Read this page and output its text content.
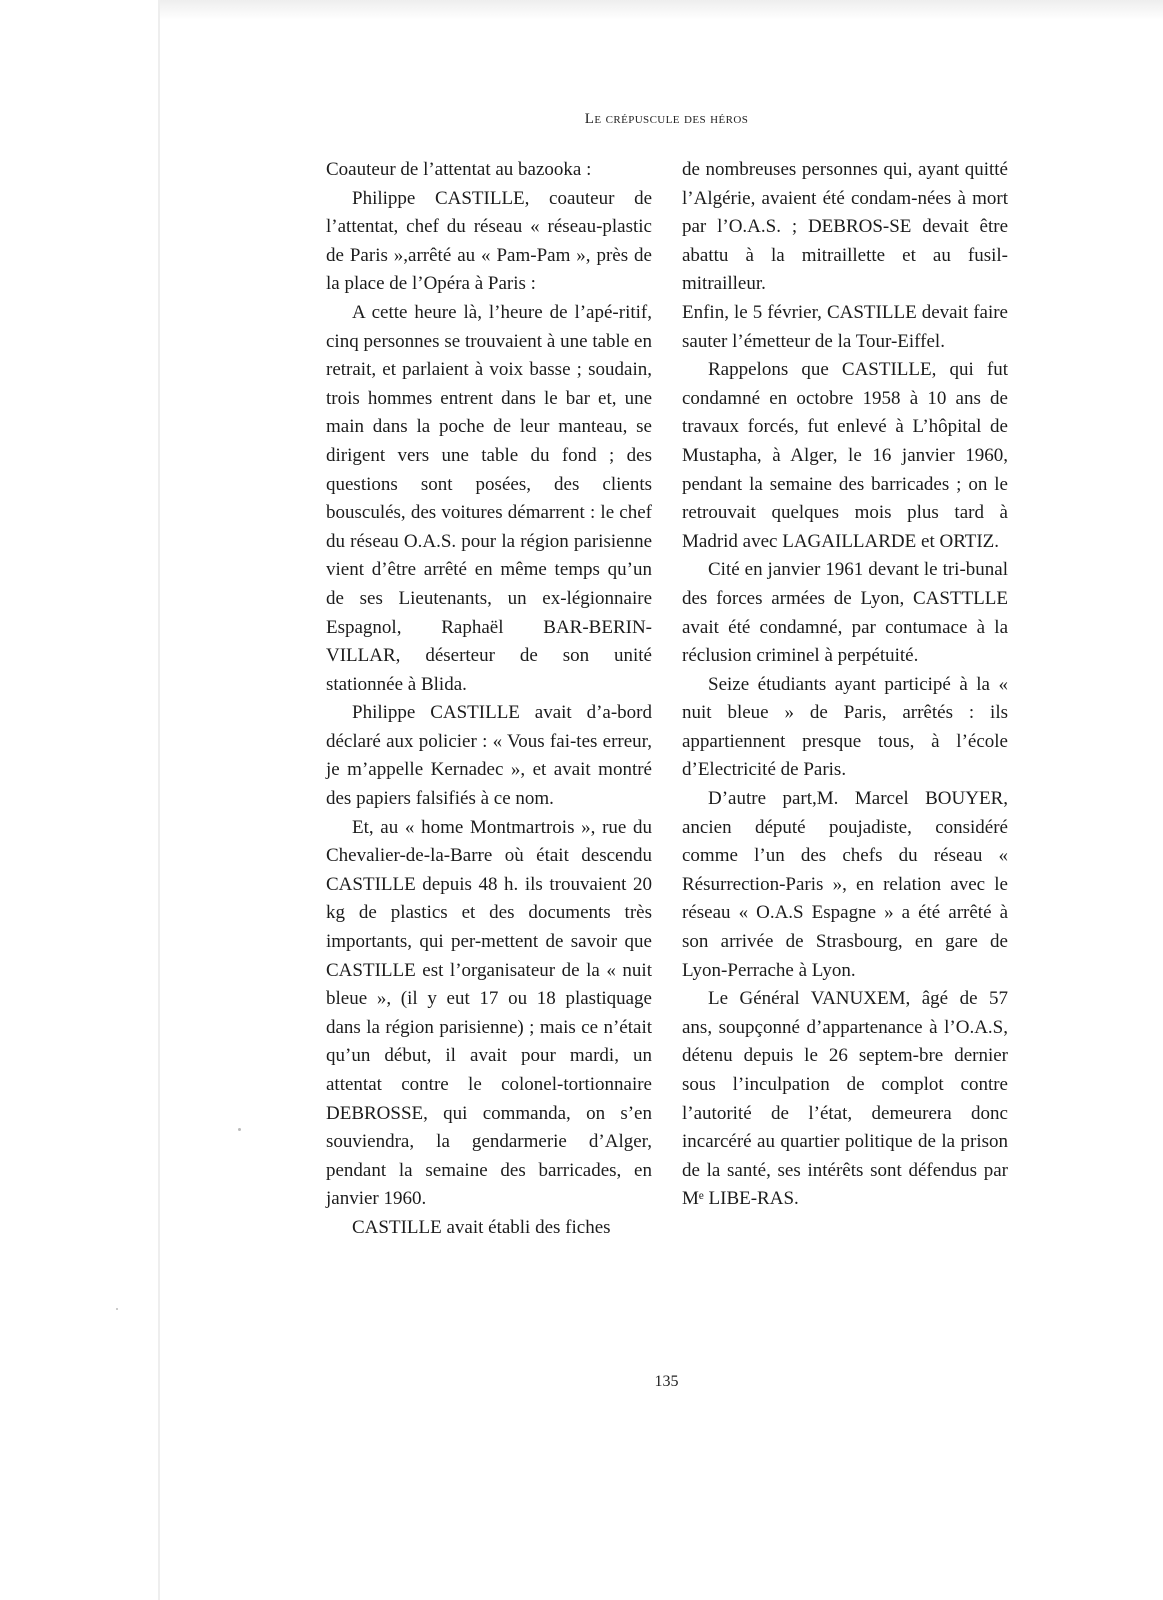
Le crépuscule des héros

Coauteur de l’attentat au bazooka :

Philippe CASTILLE, coauteur de l’attentat, chef du réseau « réseau-plastic de Paris »,arrêté au « Pam-Pam », près de la place de l’Opéra à Paris :

A cette heure là, l’heure de l’apé-ritif, cinq personnes se trouvaient à une table en retrait, et parlaient à voix basse ; soudain, trois hommes entrent dans le bar et, une main dans la poche de leur manteau, se dirigent vers une table du fond ; des questions sont posées, des clients bousculés, des voitures démarrent : le chef du réseau O.A.S. pour la région parisienne vient d’être arrêté en même temps qu’un de ses Lieutenants, un ex-légionnaire Espagnol, Raphaël BAR-BERIN-VILLAR, déserteur de son unité stationnée à Blida.

Philippe CASTILLE avait d’a-bord déclaré aux policier : « Vous fai-tes erreur, je m’appelle Kernadec », et avait montré des papiers falsifiés à ce nom.

Et, au « home Montmartrois », rue du Chevalier-de-la-Barre où était descendu CASTILLE depuis 48 h. ils trouvaient 20 kg de plastics et des documents très importants, qui per-mettent de savoir que CASTILLE est l’organisateur de la « nuit bleue », (il y eut 17 ou 18 plastiquage dans la région parisienne) ; mais ce n’était qu’un début, il avait pour mardi, un attentat contre le colonel-tortionnaire DEBROSSE, qui commanda, on s’en souviendra, la gendarmerie d’Alger, pendant la semaine des barricades, en janvier 1960.

CASTILLE avait établi des fiches

de nombreuses personnes qui, ayant quitté l’Algérie, avaient été condam-nées à mort par l’O.A.S. ; DEBROS-SE devait être abattu à la mitraillette et au fusil-mitrailleur.

Enfin, le 5 février, CASTILLE devait faire sauter l’émetteur de la Tour-Eiffel.

Rappelons que CASTILLE, qui fut condamné en octobre 1958 à 10 ans de travaux forcés, fut enlevé à L’hôpital de Mustapha, à Alger, le 16 janvier 1960, pendant la semaine des barricades ; on le retrouvait quelques mois plus tard à Madrid avec LAGAILLARDE et ORTIZ.

Cité en janvier 1961 devant le tri-bunal des forces armées de Lyon, CASTTLLE avait été condamné, par contumace à la réclusion criminel à perpétuité.

Seize étudiants ayant participé à la « nuit bleue » de Paris, arrêtés : ils appartiennent presque tous, à l’école d’Electricité de Paris.

D’autre part,M. Marcel BOUYER, ancien député poujadiste, considéré comme l’un des chefs du réseau « Résurrection-Paris », en relation avec le réseau « O.A.S Espagne » a été arrêté à son arrivée de Strasbourg, en gare de Lyon-Perrache à Lyon.

Le Général VANUXEM, âgé de 57 ans, soupçonné d’appartenance à l’O.A.S, détenu depuis le 26 septem-bre dernier sous l’inculpation de complot contre l’autorité de l’état, demeurera donc incarcéré au quartier politique de la prison de la santé, ses intérêts sont défendus par Mᵉ LIBE-RAS.

135
